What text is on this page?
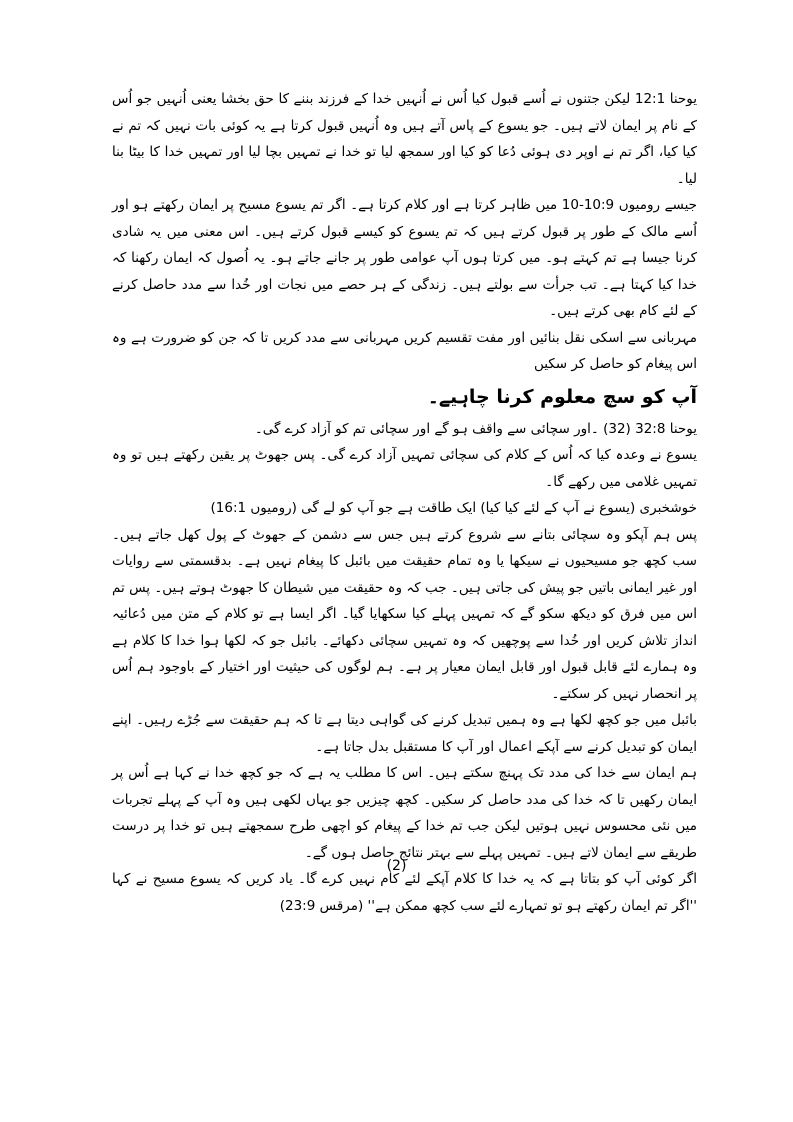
یوحنا 12:1 لیکن جتنوں نے اُسے قبول کیا اُس نے اُنہیں خدا کے فرزند بننے کا حق بخشا یعنی اُنہیں جو اُس کے نام پر ایمان لاتے ہیں۔ جو یسوع کے پاس آتے ہیں وہ اُنہیں قبول کرتا ہے یہ کوئی بات نہیں کہ تم نے کیا کیا، اگر تم نے اوپر دی ہوئی دُعا کو کیا اور سمجھ لیا تو خدا نے تمہیں بچا لیا اور تمہیں خدا کا بیٹا بنا لیا۔

جیسے رومیوں 10:9-10 میں ظاہر کرتا ہے اور کلام کرتا ہے۔ اگر تم یسوع مسیح پر ایمان رکھتے ہو اور اُسے مالک کے طور پر قبول کرتے ہیں کہ تم یسوع کو کیسے قبول کرتے ہیں۔ اس معنی میں یہ شادی کرنا جیسا ہے تم کہتے ہو۔ میں کرتا ہوں آپ عوامی طور پر جانے جاتے ہو۔ یہ اُصول کہ ایمان رکھنا کہ خدا کیا کہتا ہے۔ تب جرأت سے بولتے ہیں۔ زندگی کے ہر حصے میں نجات اور خُدا سے مدد حاصل کرنے کے لئے کام بھی کرتے ہیں۔

مہربانی سے اسکی نقل بنائیں اور مفت تقسیم کریں مہربانی سے مدد کریں تا کہ جن کو ضرورت ہے وہ اس پیغام کو حاصل کر سکیں

آپ کو سچ معلوم کرنا چاہیے۔

یوحنا 32:8 (32) ۔اور سچائی سے واقف ہو گے اور سچائی تم کو آزاد کرے گی۔

یسوع نے وعدہ کیا کہ اُس کے کلام کی سچائی تمہیں آزاد کرے گی۔ پس جھوٹ پر یقین رکھتے ہیں تو وہ تمہیں غلامی میں رکھے گا۔

خوشخبری (یسوع نے آپ کے لئے کیا کیا) ایک طاقت ہے جو آپ کو لے گی (رومیوں 16:1)

پس ہم آپکو وہ سچائی بتانے سے شروع کرتے ہیں جس سے دشمن کے جھوٹ کے پول کھل جاتے ہیں۔ سب کچھ جو مسیحیوں نے سیکھا یا وہ تمام حقیقت میں بائبل کا پیغام نہیں ہے۔ بدقسمتی سے روایات اور غیر ایمانی باتیں جو پیش کی جاتی ہیں۔ جب کہ وہ حقیقت میں شیطان کا جھوٹ ہوتے ہیں۔ پس تم اس میں فرق کو دیکھ سکو گے کہ تمہیں پہلے کیا سکھایا گیا۔ اگر ایسا ہے تو کلام کے متن میں دُعائیہ انداز تلاش کریں اور خُدا سے پوچھیں کہ وہ تمہیں سچائی دکھائے۔ بائبل جو کہ لکھا ہوا خدا کا کلام ہے وہ ہمارے لئے قابل قبول اور قابل ایمان معیار پر ہے۔ ہم لوگوں کی حیثیت اور اختیار کے باوجود ہم اُس پر انحصار نہیں کر سکتے۔

بائبل میں جو کچھ لکھا ہے وہ ہمیں تبدیل کرنے کی گواہی دیتا ہے تا کہ ہم حقیقت سے جُڑے رہیں۔ اپنے ایمان کو تبدیل کرنے سے آپکے اعمال اور آپ کا مستقبل بدل جاتا ہے۔

ہم ایمان سے خدا کی مدد تک پہنچ سکتے ہیں۔ اس کا مطلب یہ ہے کہ جو کچھ خدا نے کہا ہے اُس پر ایمان رکھیں تا کہ خدا کی مدد حاصل کر سکیں۔ کچھ چیزیں جو یہاں لکھی ہیں وہ آپ کے پہلے تجربات میں نئی محسوس نہیں ہوتیں لیکن جب تم خدا کے پیغام کو اچھی طرح سمجھتے ہیں تو خدا پر درست طریقے سے ایمان لاتے ہیں۔ تمہیں پہلے سے بہتر نتائج حاصل ہوں گے۔

اگر کوئی آپ کو بتاتا ہے کہ یہ خدا کا کلام آپکے لئے کام نہیں کرے گا۔ یاد کریں کہ یسوع مسیح نے کہا ''اگر تم ایمان رکھتے ہو تو تمہارے لئے سب کچھ ممکن ہے'' (مرقس 23:9)

(2)
